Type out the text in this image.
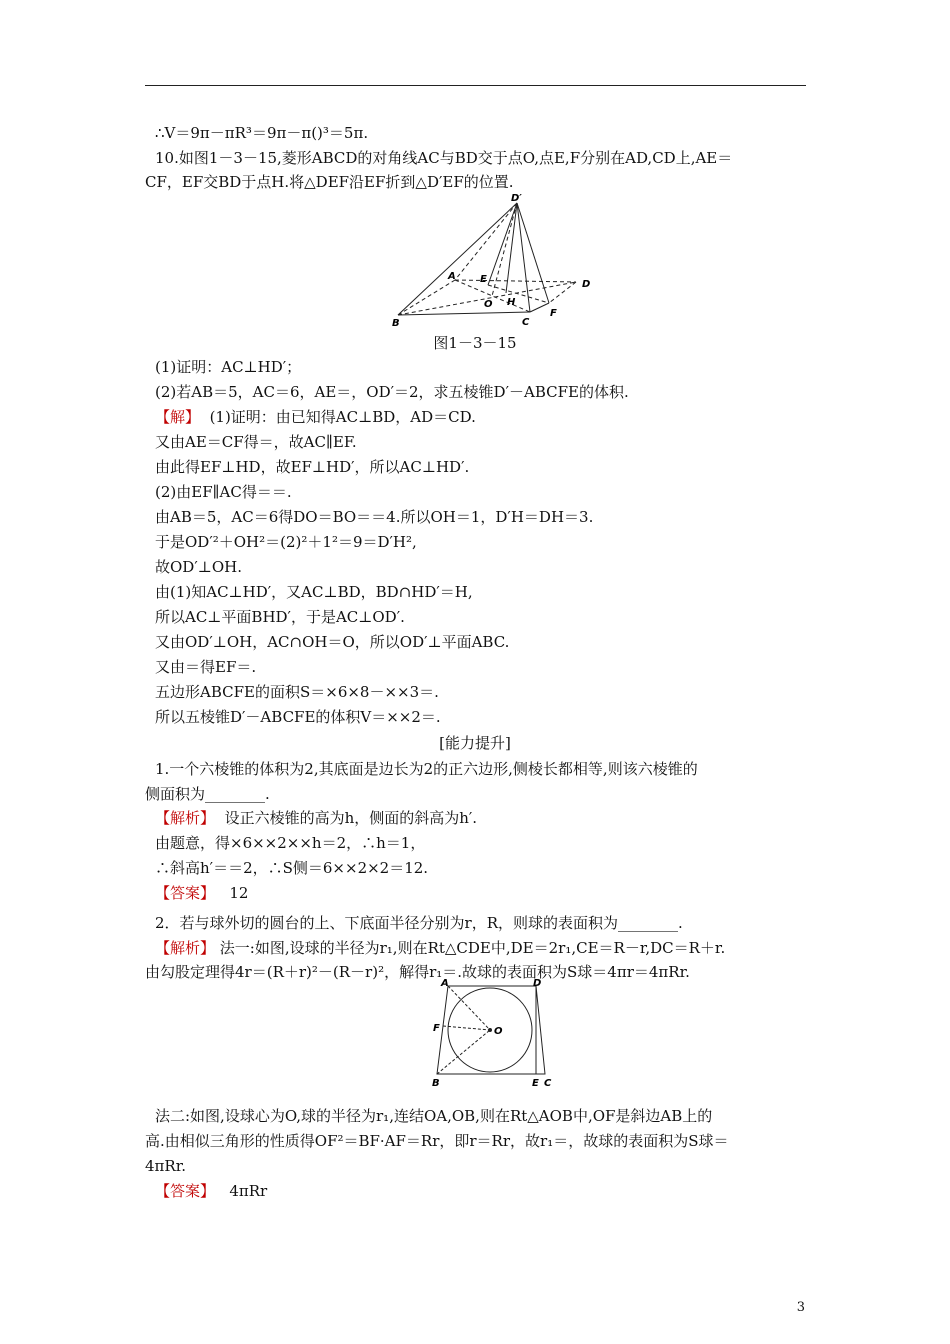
∴V＝9π－πR³＝9π－π()³＝5π.
10.如图1－3－15,菱形ABCD的对角线AC与BD交于点O,点E,F分别在AD,CD上,AE＝
CF，EF交BD于点H.将△DEF沿EF折到△D′EF的位置.
D′
A E	D
O H
B	C
F
图1－3－15
(1)证明：AC⊥HD′；
(2)若AB＝5，AC＝6，AE＝，OD′＝2，求五棱锥D′－ABCFE的体积.
【解】 (1)证明：由已知得AC⊥BD，AD＝CD.
又由AE＝CF得＝，故AC∥EF.
由此得EF⊥HD，故EF⊥HD′，所以AC⊥HD′.
(2)由EF∥AC得＝＝.
由AB＝5，AC＝6得DO＝BO＝＝4.所以OH＝1，D′H＝DH＝3.
于是OD′²＋OH²＝(2)²＋1²＝9＝D′H²,
故OD′⊥OH.
由(1)知AC⊥HD′，又AC⊥BD，BD∩HD′＝H,
所以AC⊥平面BHD′，于是AC⊥OD′.
又由OD′⊥OH，AC∩OH＝O，所以OD′⊥平面ABC.
又由＝得EF＝.
五边形ABCFE的面积S＝×6×8－××3＝.
所以五棱锥D′－ABCFE的体积V＝××2＝.
[能力提升]
1.一个六棱锥的体积为2,其底面是边长为2的正六边形,侧棱长都相等,则该六棱锥的
侧面积为________.
【解析】 设正六棱锥的高为h，侧面的斜高为h′.
由题意，得×6××2××h＝2，∴h＝1，
∴斜高h′＝＝2，∴S侧＝6××2×2＝12.
【答案】 12
2．若与球外切的圆台的上、下底面半径分别为r，R，则球的表面积为________.
【解析】 法一:如图,设球的半径为r₁,则在Rt△CDE中,DE＝2r₁,CE＝R－r,DC＝R＋r.
由勾股定理得4r＝(R＋r)²－(R－r)²，解得r₁＝.故球的表面积为S球＝4πr＝4πRr.
A	D
F	O
B	E C
法二:如图,设球心为O,球的半径为r₁,连结OA,OB,则在Rt△AOB中,OF是斜边AB上的
高.由相似三角形的性质得OF²＝BF·AF＝Rr，即r＝Rr，故r₁＝，故球的表面积为S球＝
4πRr.
【答案】 4πRr
3
